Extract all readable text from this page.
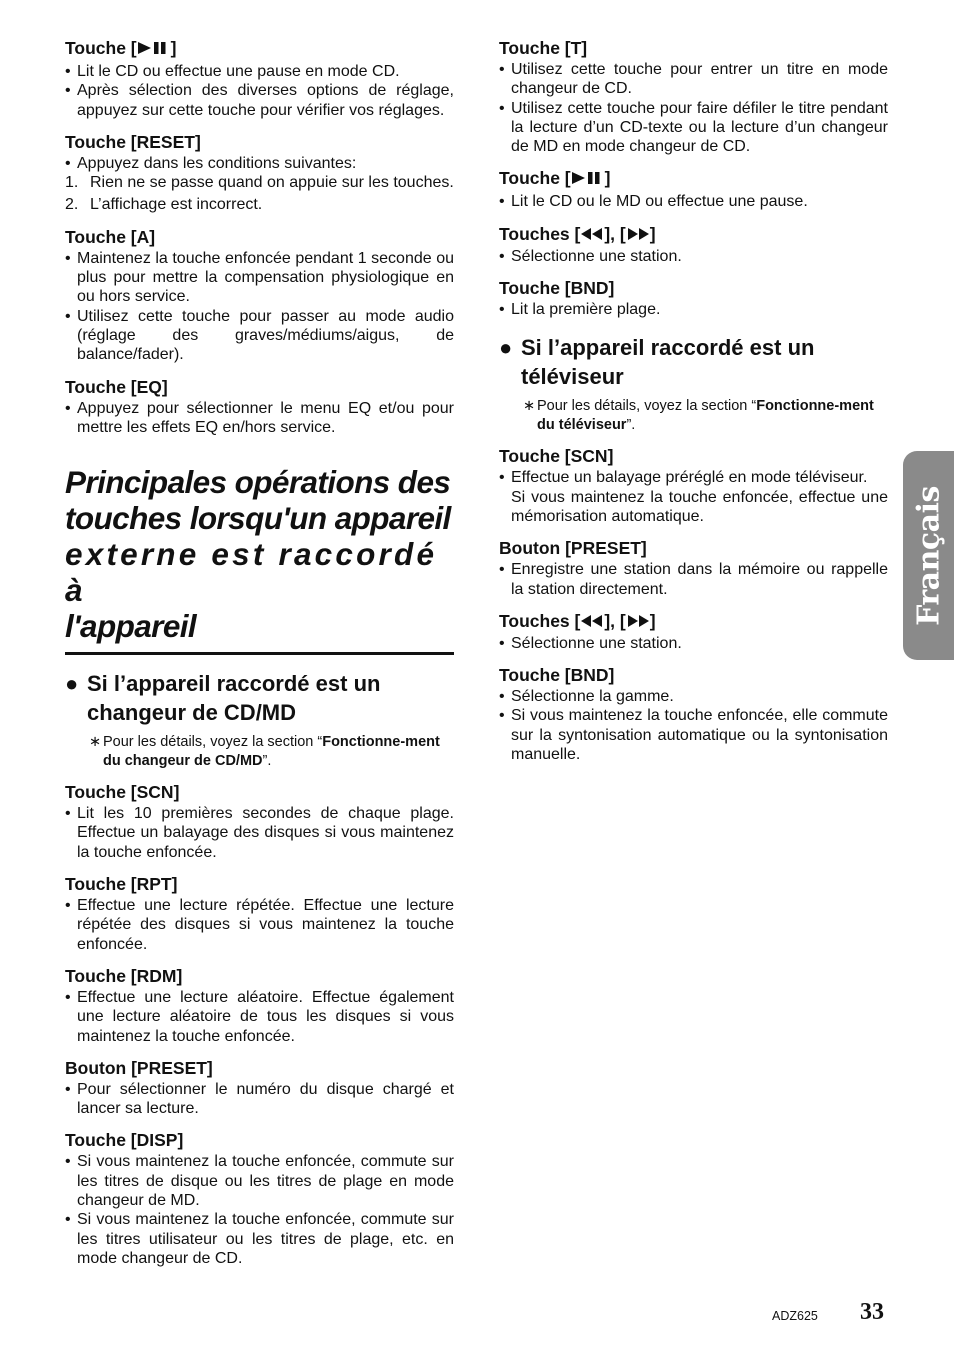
Touche [ ]
• Lit le CD ou effectue une pause en mode CD.
• Après sélection des diverses options de réglage, appuyez sur cette touche pour vérifier vos réglages.
Touche [RESET]
• Appuyez dans les conditions suivantes:
1. Rien ne se passe quand on appuie sur les touches.
2. L’affichage est incorrect.
Touche [A]
• Maintenez la touche enfoncée pendant 1 seconde ou plus pour mettre la compensation physiologique en ou hors service.
• Utilisez cette touche pour passer au mode audio (réglage des graves/médiums/aigus, de balance/fader).
Touche [EQ]
• Appuyez pour sélectionner le menu EQ et/ou pour mettre les effets EQ en/hors service.
Principales opérations des
touches lorsqu'un appareil
externe est raccordé à
l'appareil
● Si l’appareil raccordé est un
changeur de CD/MD
∗ Pour les détails, voyez la section “Fonctionne-ment du changeur de CD/MD”.
Touche [SCN]
• Lit les 10 premières secondes de chaque plage. Effectue un balayage des disques si vous maintenez la touche enfoncée.
Touche [RPT]
• Effectue une lecture répétée. Effectue une lecture répétée des disques si vous maintenez la touche enfoncée.
Touche [RDM]
• Effectue une lecture aléatoire. Effectue également une lecture aléatoire de tous les disques si vous maintenez la touche enfoncée.
Bouton [PRESET]
• Pour sélectionner le numéro du disque chargé et lancer sa lecture.
Touche [DISP]
• Si vous maintenez la touche enfoncée, commute sur les titres de disque ou les titres de plage en mode changeur de MD.
• Si vous maintenez la touche enfoncée, commute sur les titres utilisateur ou les titres de plage, etc. en mode changeur de CD.
Touche [T]
• Utilisez cette touche pour entrer un titre en mode changeur de CD.
• Utilisez cette touche pour faire défiler le titre pendant la lecture d’un CD-texte ou la lecture d’un changeur de MD en mode changeur de CD.
Touche [ ]
• Lit le CD ou le MD ou effectue une pause.
Touches [ ], [ ]
• Sélectionne une station.
Touche [BND]
• Lit la première plage.
● Si l’appareil raccordé est un
téléviseur
∗ Pour les détails, voyez la section “Fonctionne-ment du téléviseur”.
Touche [SCN]
• Effectue un balayage préréglé en mode téléviseur.
Si vous maintenez la touche enfoncée, effectue une mémorisation automatique.
Bouton [PRESET]
• Enregistre une station dans la mémoire ou rappelle la station directement.
Touches [ ], [ ]
• Sélectionne une station.
Touche [BND]
• Sélectionne la gamme.
• Si vous maintenez la touche enfoncée, elle commute sur la syntonisation automatique ou la syntonisation manuelle.
Français
ADZ625 33
